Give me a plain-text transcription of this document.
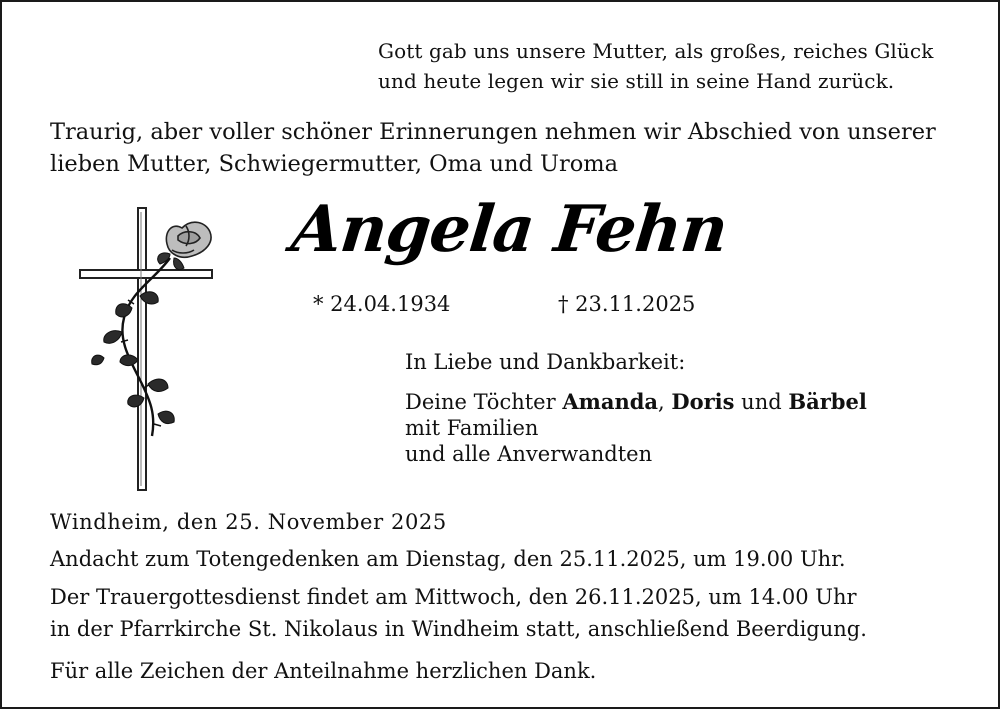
Gott gab uns unsere Mutter, als großes, reiches Glück
und heute legen wir sie still in seine Hand zurück.
Traurig, aber voller schöner Erinnerungen nehmen wir Abschied von unserer
lieben Mutter, Schwiegermutter, Oma und Uroma
Angela Fehn
* 24.04.1934	† 23.11.2025
In Liebe und Dankbarkeit:
Deine Töchter Amanda, Doris und Bärbel
mit Familien
und alle Anverwandten
Windheim, den 25. November 2025

Andacht zum Totengedenken am Dienstag, den 25.11.2025, um 19.00 Uhr.

Der Trauergottesdienst findet am Mittwoch, den 26.11.2025, um 14.00 Uhr

in der Pfarrkirche St. Nikolaus in Windheim statt, anschließend Beerdigung.

Für alle Zeichen der Anteilnahme herzlichen Dank.
